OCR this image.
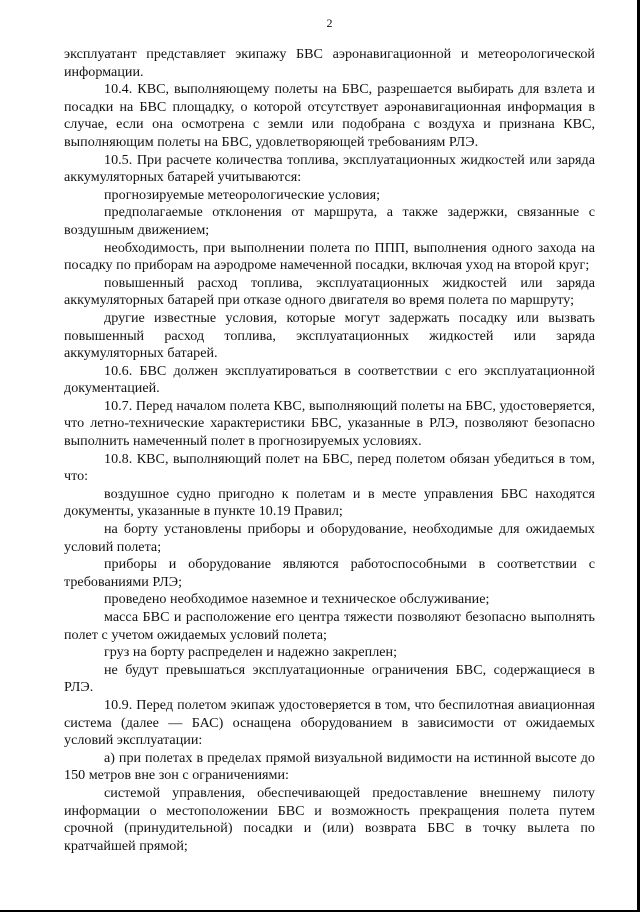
2

эксплуатант представляет экипажу БВС аэронавигационной и метеорологической информации.

10.4. КВС, выполняющему полеты на БВС, разрешается выбирать для взлета и посадки на БВС площадку, о которой отсутствует аэронавигационная информация в случае, если она осмотрена с земли или подобрана с воздуха и признана КВС, выполняющим полеты на БВС, удовлетворяющей требованиям РЛЭ.

10.5. При расчете количества топлива, эксплуатационных жидкостей или заряда аккумуляторных батарей учитываются:

прогнозируемые метеорологические условия;

предполагаемые отклонения от маршрута, а также задержки, связанные с воздушным движением;

необходимость, при выполнении полета по ППП, выполнения одного захода на посадку по приборам на аэродроме намеченной посадки, включая уход на второй круг;

повышенный расход топлива, эксплуатационных жидкостей или заряда аккумуляторных батарей при отказе одного двигателя во время полета по маршруту;

другие известные условия, которые могут задержать посадку или вызвать повышенный расход топлива, эксплуатационных жидкостей или заряда аккумуляторных батарей.

10.6. БВС должен эксплуатироваться в соответствии с его эксплуатационной документацией.

10.7. Перед началом полета КВС, выполняющий полеты на БВС, удостоверяется, что летно-технические характеристики БВС, указанные в РЛЭ, позволяют безопасно выполнить намеченный полет в прогнозируемых условиях.

10.8. КВС, выполняющий полет на БВС, перед полетом обязан убедиться в том, что:

воздушное судно пригодно к полетам и в месте управления БВС находятся документы, указанные в пункте 10.19 Правил;

на борту установлены приборы и оборудование, необходимые для ожидаемых условий полета;

приборы и оборудование являются работоспособными в соответствии с требованиями РЛЭ;

проведено необходимое наземное и техническое обслуживание;

масса БВС и расположение его центра тяжести позволяют безопасно выполнять полет с учетом ожидаемых условий полета;

груз на борту распределен и надежно закреплен;

не будут превышаться эксплуатационные ограничения БВС, содержащиеся в РЛЭ.

10.9. Перед полетом экипаж удостоверяется в том, что беспилотная авиационная система (далее — БАС) оснащена оборудованием в зависимости от ожидаемых условий эксплуатации:

а) при полетах в пределах прямой визуальной видимости на истинной высоте до 150 метров вне зон с ограничениями:

системой управления, обеспечивающей предоставление внешнему пилоту информации о местоположении БВС и возможность прекращения полета путем срочной (принудительной) посадки и (или) возврата БВС в точку вылета по кратчайшей прямой;
